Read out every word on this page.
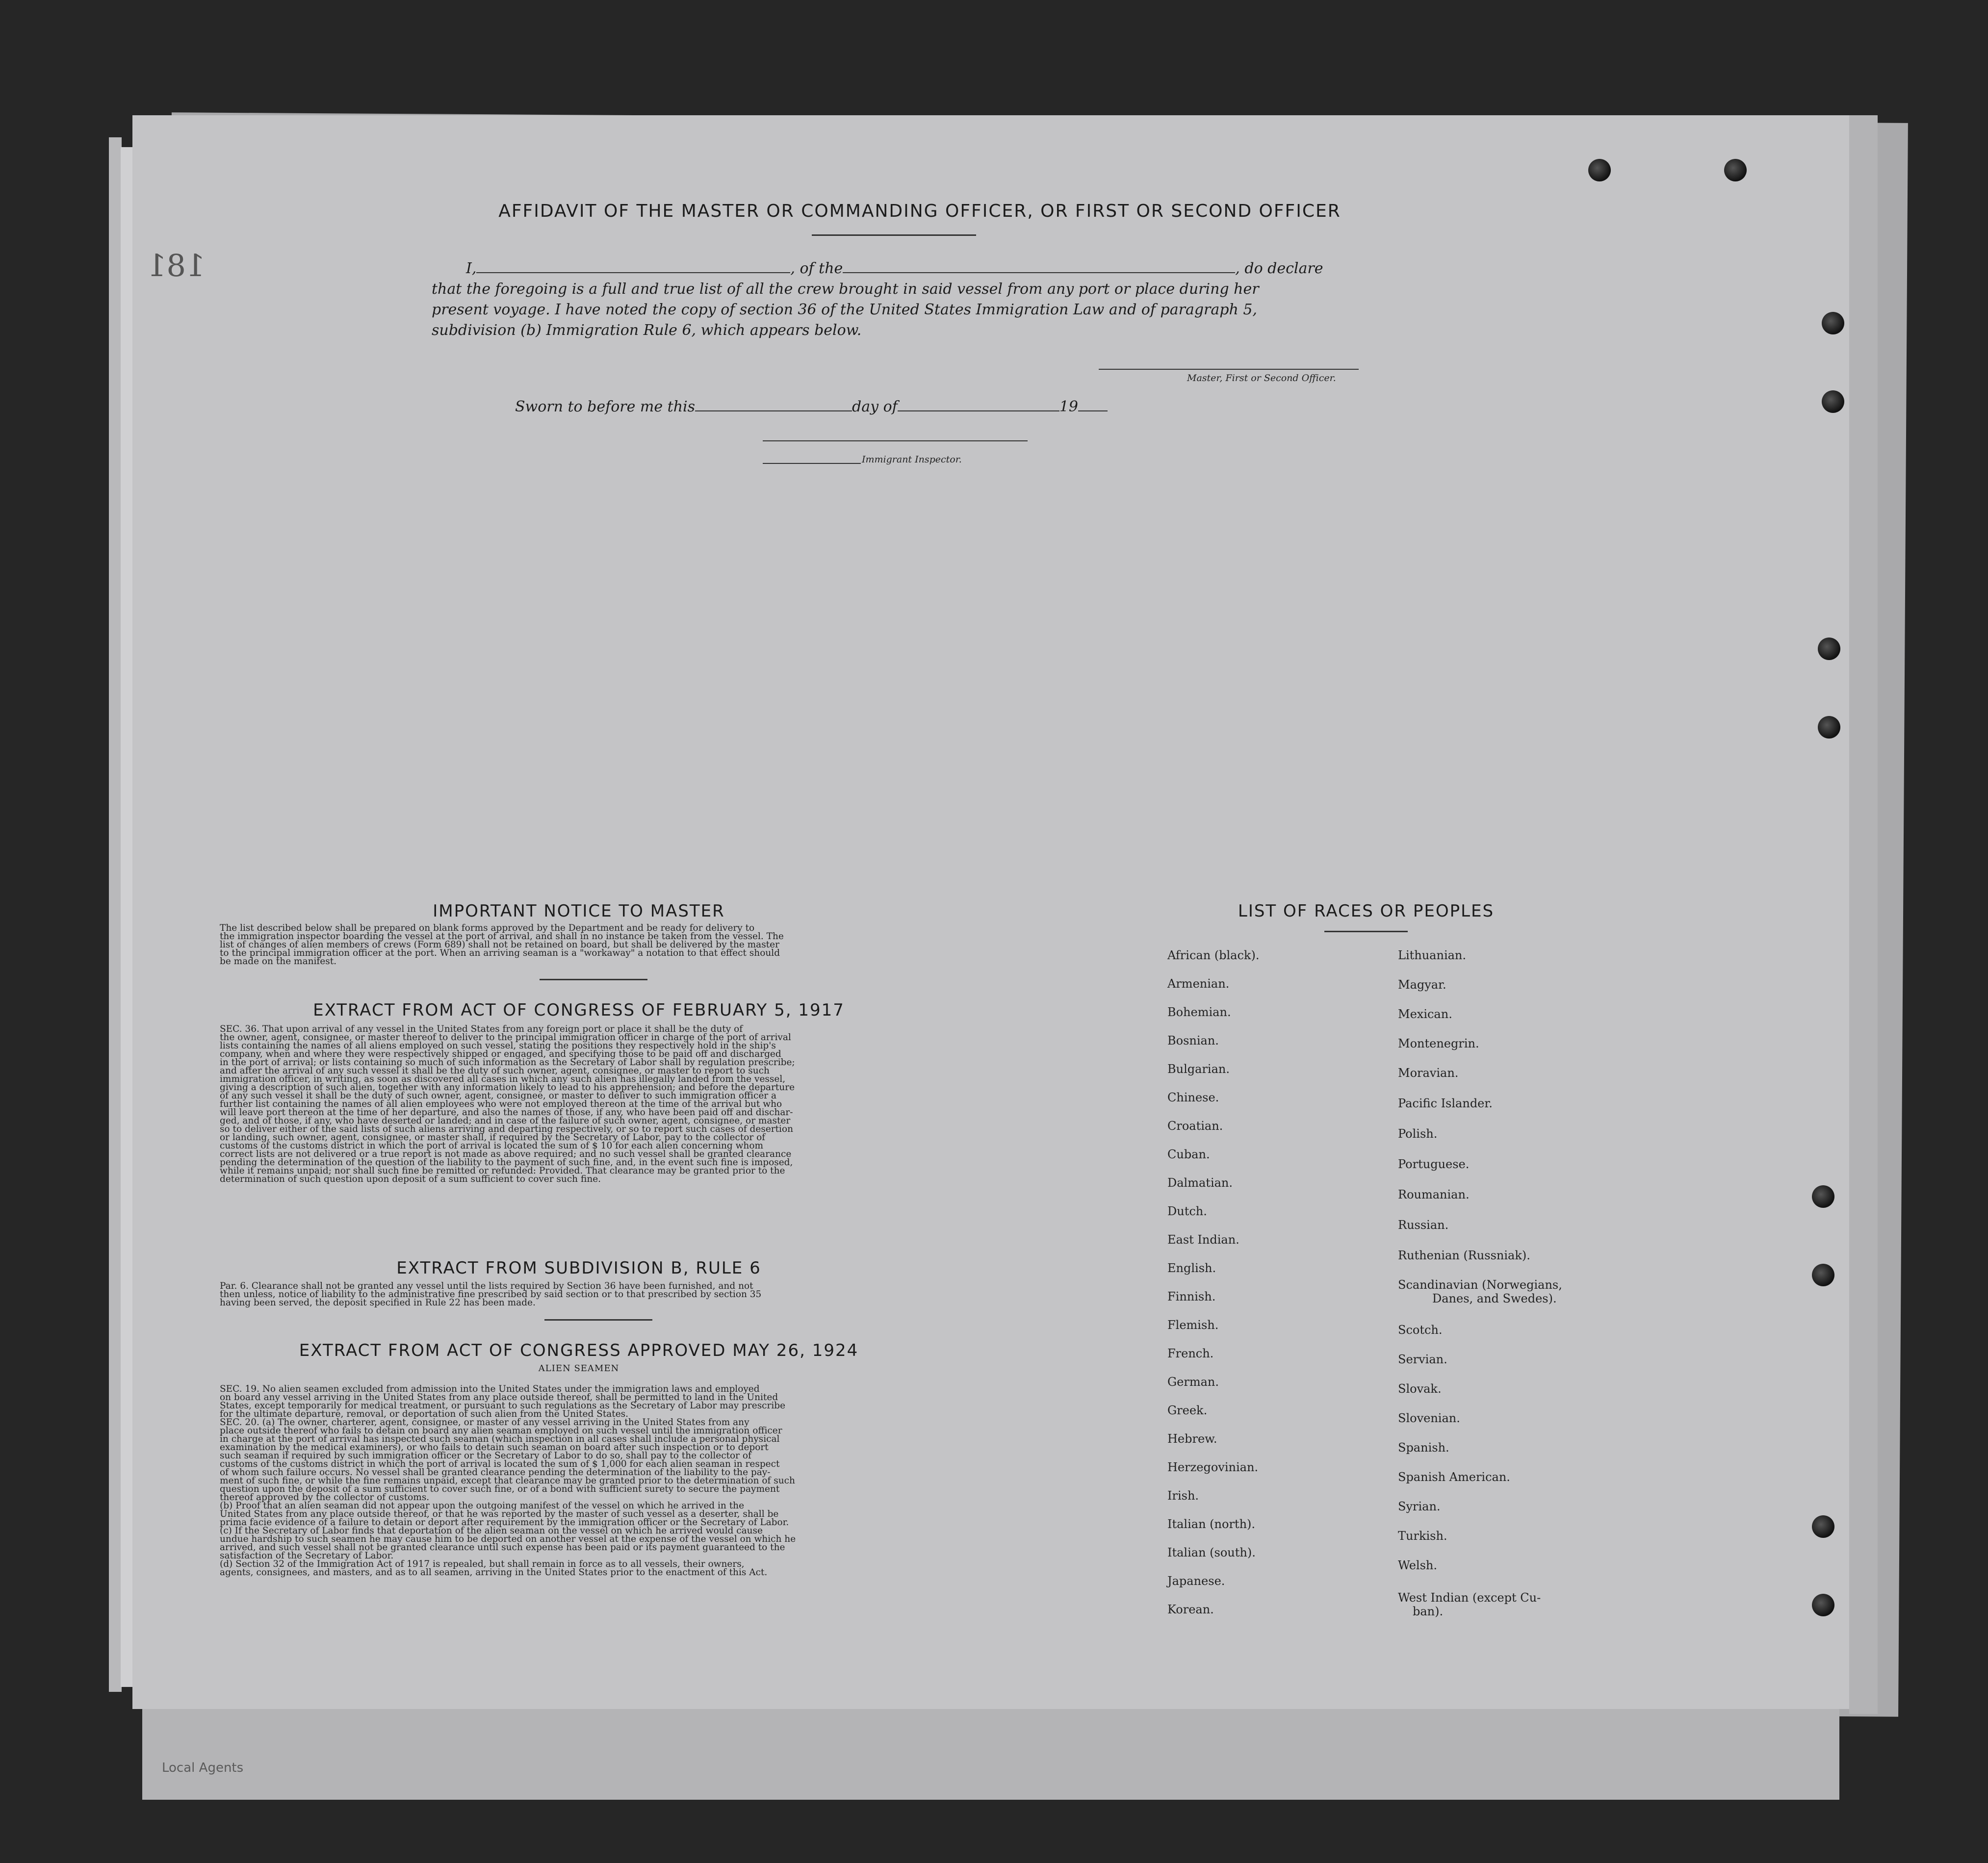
Local Agents
181
AFFIDAVIT OF THE MASTER OR COMMANDING OFFICER, OR FIRST OR SECOND OFFICER
I,	, of the	, do declare
that the foregoing is a full and true list of all the crew brought in said vessel from any port or place during her
present voyage. I have noted the copy of section 36 of the United States Immigration Law and of paragraph 5,
subdivision (b) Immigration Rule 6, which appears below.
Master, First or Second Officer.
Sworn to before me this	day of	19
Immigrant Inspector.
IMPORTANT NOTICE TO MASTER

The list described below shall be prepared on blank forms approved by the Department and be ready for delivery to

the immigration inspector boarding the vessel at the port of arrival, and shall in no instance be taken from the vessel. The

list of changes of alien members of crews (Form 689) shall not be retained on board, but shall be delivered by the master

to the principal immigration officer at the port. When an arriving seaman is a "workaway" a notation to that effect should

be made on the manifest.

EXTRACT FROM ACT OF CONGRESS OF FEBRUARY 5, 1917

SEC. 36. That upon arrival of any vessel in the United States from any foreign port or place it shall be the duty of

the owner, agent, consignee, or master thereof to deliver to the principal immigration officer in charge of the port of arrival

lists containing the names of all aliens employed on such vessel, stating the positions they respectively hold in the ship's

company, when and where they were respectively shipped or engaged, and specifying those to be paid off and discharged

in the port of arrival; or lists containing so much of such information as the Secretary of Labor shall by regulation prescribe;

and after the arrival of any such vessel it shall be the duty of such owner, agent, consignee, or master to report to such

immigration officer, in writing, as soon as discovered all cases in which any such alien has illegally landed from the vessel,

giving a description of such alien, together with any information likely to lead to his apprehension; and before the departure

of any such vessel it shall be the duty of such owner, agent, consignee, or master to deliver to such immigration officer a

further list containing the names of all alien employees who were not employed thereon at the time of the arrival but who

will leave port thereon at the time of her departure, and also the names of those, if any, who have been paid off and dischar-

ged, and of those, if any, who have deserted or landed; and in case of the failure of such owner, agent, consignee, or master

so to deliver either of the said lists of such aliens arriving and departing respectively, or so to report such cases of desertion

or landing, such owner, agent, consignee, or master shall, if required by the Secretary of Labor, pay to the collector of

customs of the customs district in which the port of arrival is located the sum of $ 10 for each alien concerning whom

correct lists are not delivered or a true report is not made as above required; and no such vessel shall be granted clearance

pending the determination of the question of the liability to the payment of such fine, and, in the event such fine is imposed,

while it remains unpaid; nor shall such fine be remitted or refunded: Provided. That clearance may be granted prior to the

determination of such question upon deposit of a sum sufficient to cover such fine.

EXTRACT FROM SUBDIVISION B, RULE 6

Par. 6. Clearance shall not be granted any vessel until the lists required by Section 36 have been furnished, and not

then unless, notice of liability to the administrative fine prescribed by said section or to that prescribed by section 35

having been served, the deposit specified in Rule 22 has been made.

EXTRACT FROM ACT OF CONGRESS APPROVED MAY 26, 1924
ALIEN SEAMEN

SEC. 19. No alien seamen excluded from admission into the United States under the immigration laws and employed

on board any vessel arriving in the United States from any place outside thereof, shall be permitted to land in the United

States, except temporarily for medical treatment, or pursuant to such regulations as the Secretary of Labor may prescribe

for the ultimate departure, removal, or deportation of such alien from the United States.

SEC. 20. (a) The owner, charterer, agent, consignee, or master of any vessel arriving in the United States from any

place outside thereof who fails to detain on board any alien seaman employed on such vessel until the immigration officer

in charge at the port of arrival has inspected such seaman (which inspection in all cases shall include a personal physical

examination by the medical examiners), or who fails to detain such seaman on board after such inspection or to deport

such seaman if required by such immigration officer or the Secretary of Labor to do so, shall pay to the collector of

customs of the customs district in which the port of arrival is located the sum of $ 1,000 for each alien seaman in respect

of whom such failure occurs. No vessel shall be granted clearance pending the determination of the liability to the pay-

ment of such fine, or while the fine remains unpaid, except that clearance may be granted prior to the determination of such

question upon the deposit of a sum sufficient to cover such fine, or of a bond with sufficient surety to secure the payment

thereof approved by the collector of customs.

(b) Proof that an alien seaman did not appear upon the outgoing manifest of the vessel on which he arrived in the

United States from any place outside thereof, or that he was reported by the master of such vessel as a deserter, shall be

prima facie evidence of a failure to detain or deport after requirement by the immigration officer or the Secretary of Labor.

(c) If the Secretary of Labor finds that deportation of the alien seaman on the vessel on which he arrived would cause

undue hardship to such seamen he may cause him to be deported on another vessel at the expense of the vessel on which he

arrived, and such vessel shall not be granted clearance until such expense has been paid or its payment guaranteed to the

satisfaction of the Secretary of Labor.

(d) Section 32 of the Immigration Act of 1917 is repealed, but shall remain in force as to all vessels, their owners,

agents, consignees, and masters, and as to all seamen, arriving in the United States prior to the enactment of this Act.

LIST OF RACES OR PEOPLES
African (black).
Armenian.
Bohemian.
Bosnian.
Bulgarian.
Chinese.
Croatian.
Cuban.
Dalmatian.
Dutch.
East Indian.
English.
Finnish.
Flemish.
French.
German.
Greek.
Hebrew.
Herzegovinian.
Irish.
Italian (north).
Italian (south).
Japanese.
Korean.
Lithuanian.
Magyar.
Mexican.
Montenegrin.
Moravian.
Pacific Islander.
Polish.
Portuguese.
Roumanian.
Russian.
Ruthenian (Russniak).
Scandinavian (Norwegians,
Danes, and Swedes).
Scotch.
Servian.
Slovak.
Slovenian.
Spanish.
Spanish American.
Syrian.
Turkish.
Welsh.
West Indian (except Cu-
ban).
